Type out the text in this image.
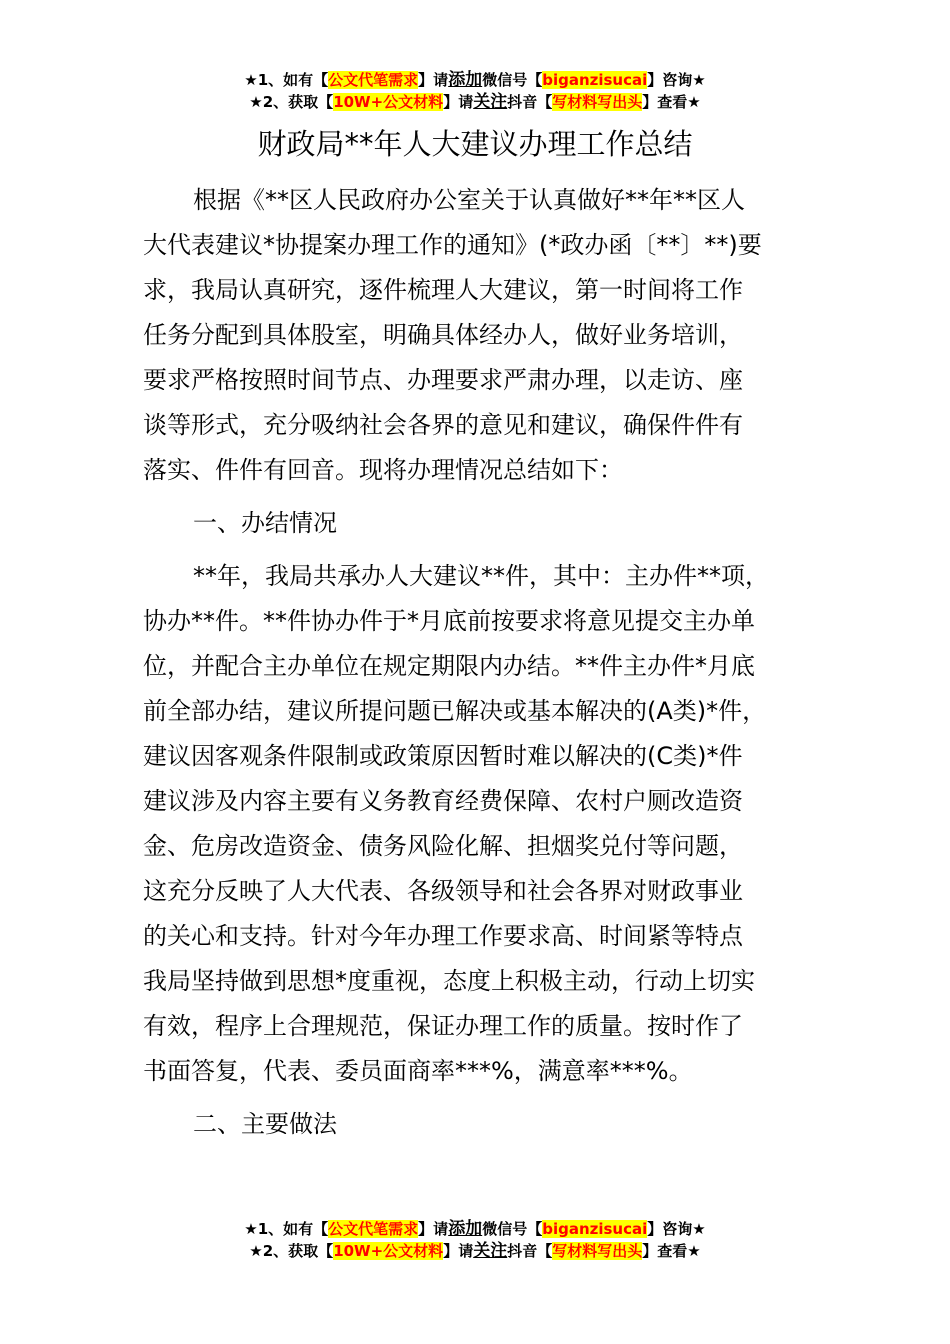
★1、如有【公文代笔需求】请添加微信号【biganzisucai】咨询★
★2、获取【10W+公文材料】请关注抖音【写材料写出头】查看★
财政局**年人大建议办理工作总结
根据《**区人民政府办公室关于认真做好**年**区人
大代表建议*协提案办理工作的通知》(*政办函〔**〕**)要
求，我局认真研究，逐件梳理人大建议，第一时间将工作
任务分配到具体股室，明确具体经办人，做好业务培训，
要求严格按照时间节点、办理要求严肃办理，以走访、座
谈等形式，充分吸纳社会各界的意见和建议，确保件件有
落实、件件有回音。现将办理情况总结如下：
一、办结情况
**年，我局共承办人大建议**件，其中：主办件**项，
协办**件。**件协办件于*月底前按要求将意见提交主办单
位，并配合主办单位在规定期限内办结。**件主办件*月底
前全部办结，建议所提问题已解决或基本解决的(A类)*件，
建议因客观条件限制或政策原因暂时难以解决的(C类)*件
建议涉及内容主要有义务教育经费保障、农村户厕改造资
金、危房改造资金、债务风险化解、担烟奖兑付等问题，
这充分反映了人大代表、各级领导和社会各界对财政事业
的关心和支持。针对今年办理工作要求高、时间紧等特点
我局坚持做到思想*度重视，态度上积极主动，行动上切实
有效，程序上合理规范，保证办理工作的质量。按时作了
书面答复，代表、委员面商率***%，满意率***%。
二、主要做法
★1、如有【公文代笔需求】请添加微信号【biganzisucai】咨询★
★2、获取【10W+公文材料】请关注抖音【写材料写出头】查看★
